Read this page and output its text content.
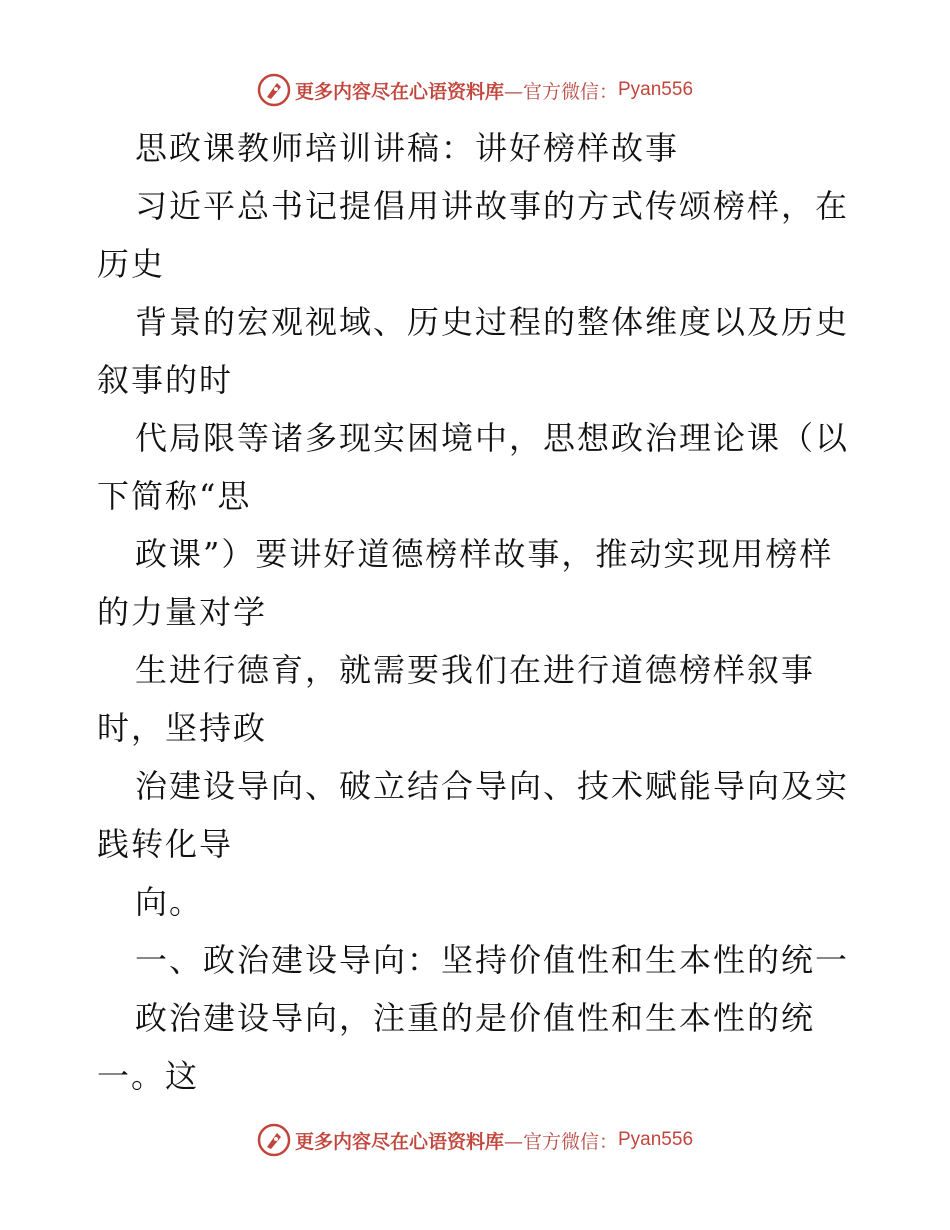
更多内容尽在心语资料库 —官方微信： Pyan556
思政课教师培训讲稿：讲好榜样故事
习近平总书记提倡用讲故事的方式传颂榜样，在
历史
背景的宏观视域、历史过程的整体维度以及历史
叙事的时
代局限等诸多现实困境中，思想政治理论课（以
下简称“思
政课”）要讲好道德榜样故事，推动实现用榜样
的力量对学
生进行德育，就需要我们在进行道德榜样叙事
时，坚持政
治建设导向、破立结合导向、技术赋能导向及实
践转化导
向。
一、政治建设导向：坚持价值性和生本性的统一
政治建设导向，注重的是价值性和生本性的统
一。这
更多内容尽在心语资料库 —官方微信： Pyan556
